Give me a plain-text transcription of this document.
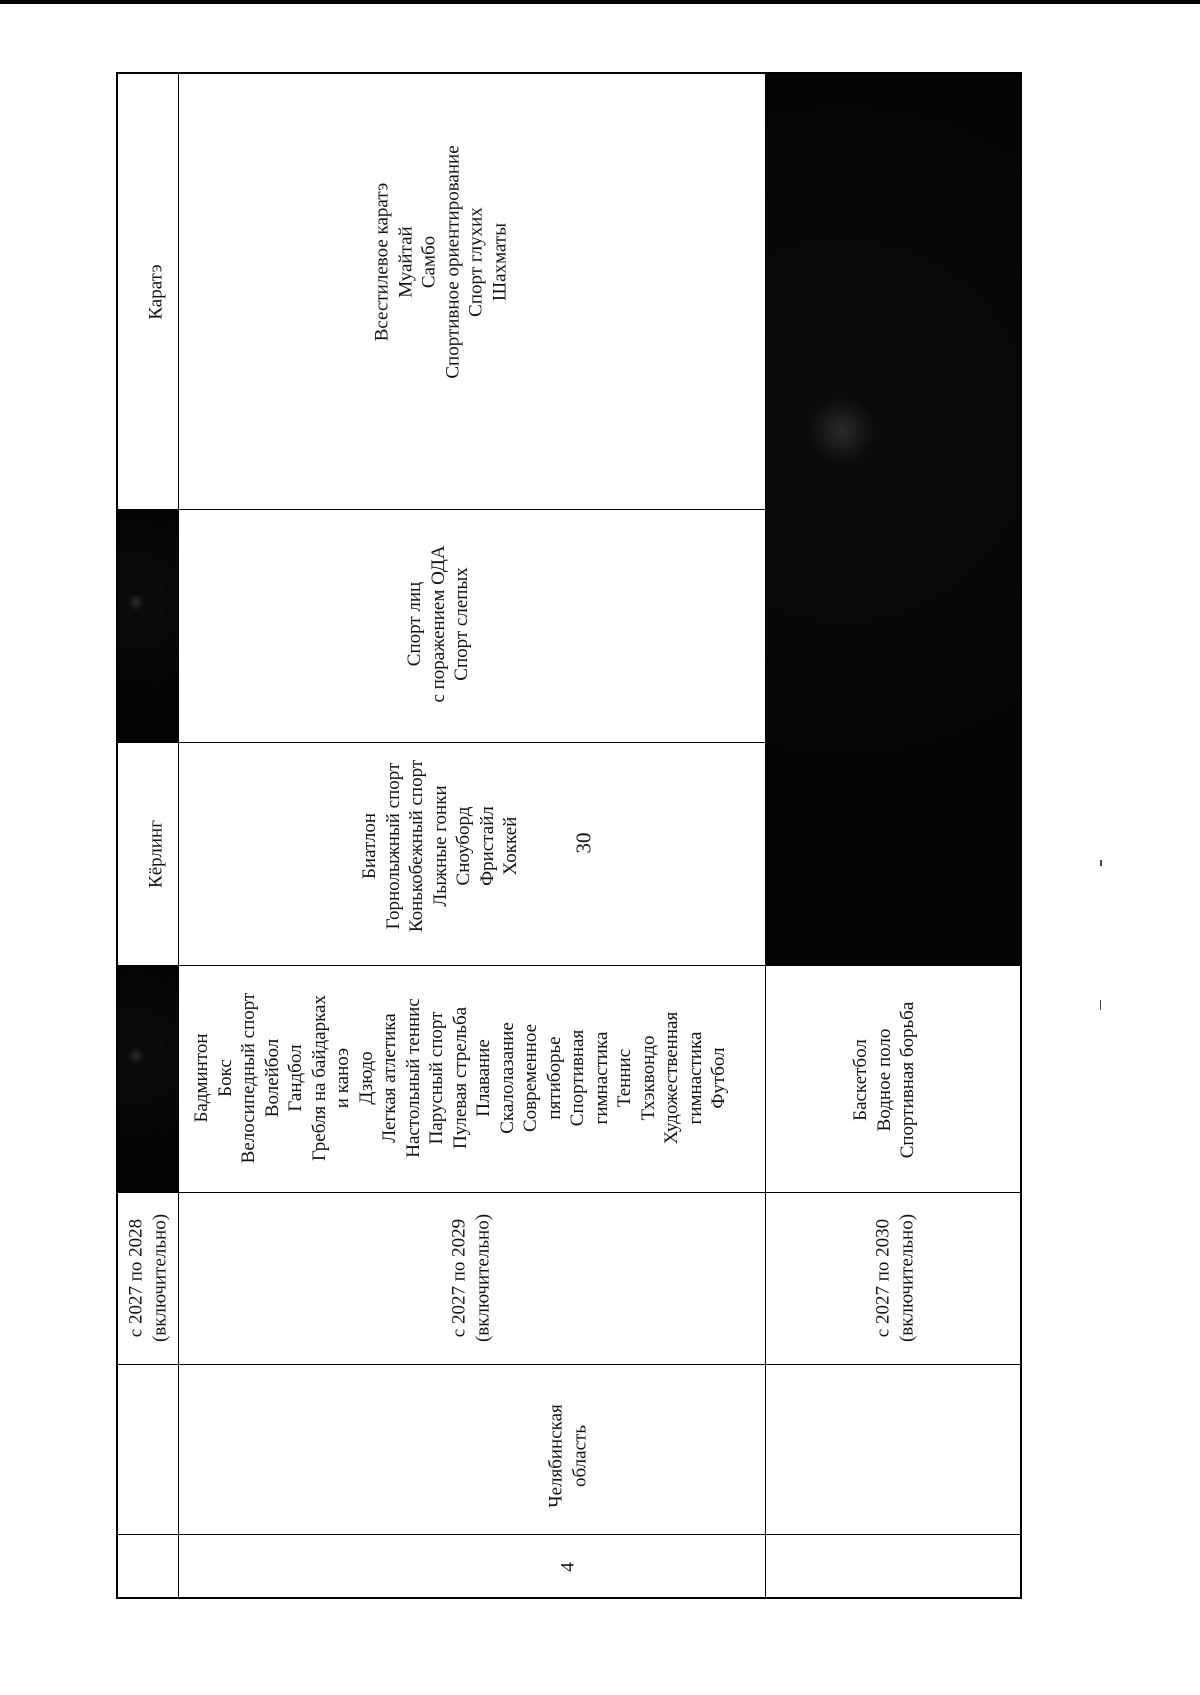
30
Каратэ
Кёрлинг
с 2027 по 2028 (включительно)
Всестилевое каратэ Муайтай Самбо Спортивное ориентирование Спорт глухих Шахматы
Спорт лиц с поражением ОДА Спорт слепых
Биатлон Горнолыжный спорт Конькобежный спорт Лыжные гонки Сноуборд Фристайл Хоккей
Бадминтон Бокс Велосипедный спорт Волейбол Гандбол Гребля на байдарках и каноэ Дзюдо Легкая атлетика Настольный теннис Парусный спорт Пулевая стрельба Плавание Скалолазание Современное пятиборье Спортивная гимнастика Теннис Тхэквондо Художественная гимнастика Футбол
с 2027 по 2029 (включительно)	с 2027 по 2030 (включительно)
Баскетбол Водное поло Спортивная борьба
Челябинская область
4
